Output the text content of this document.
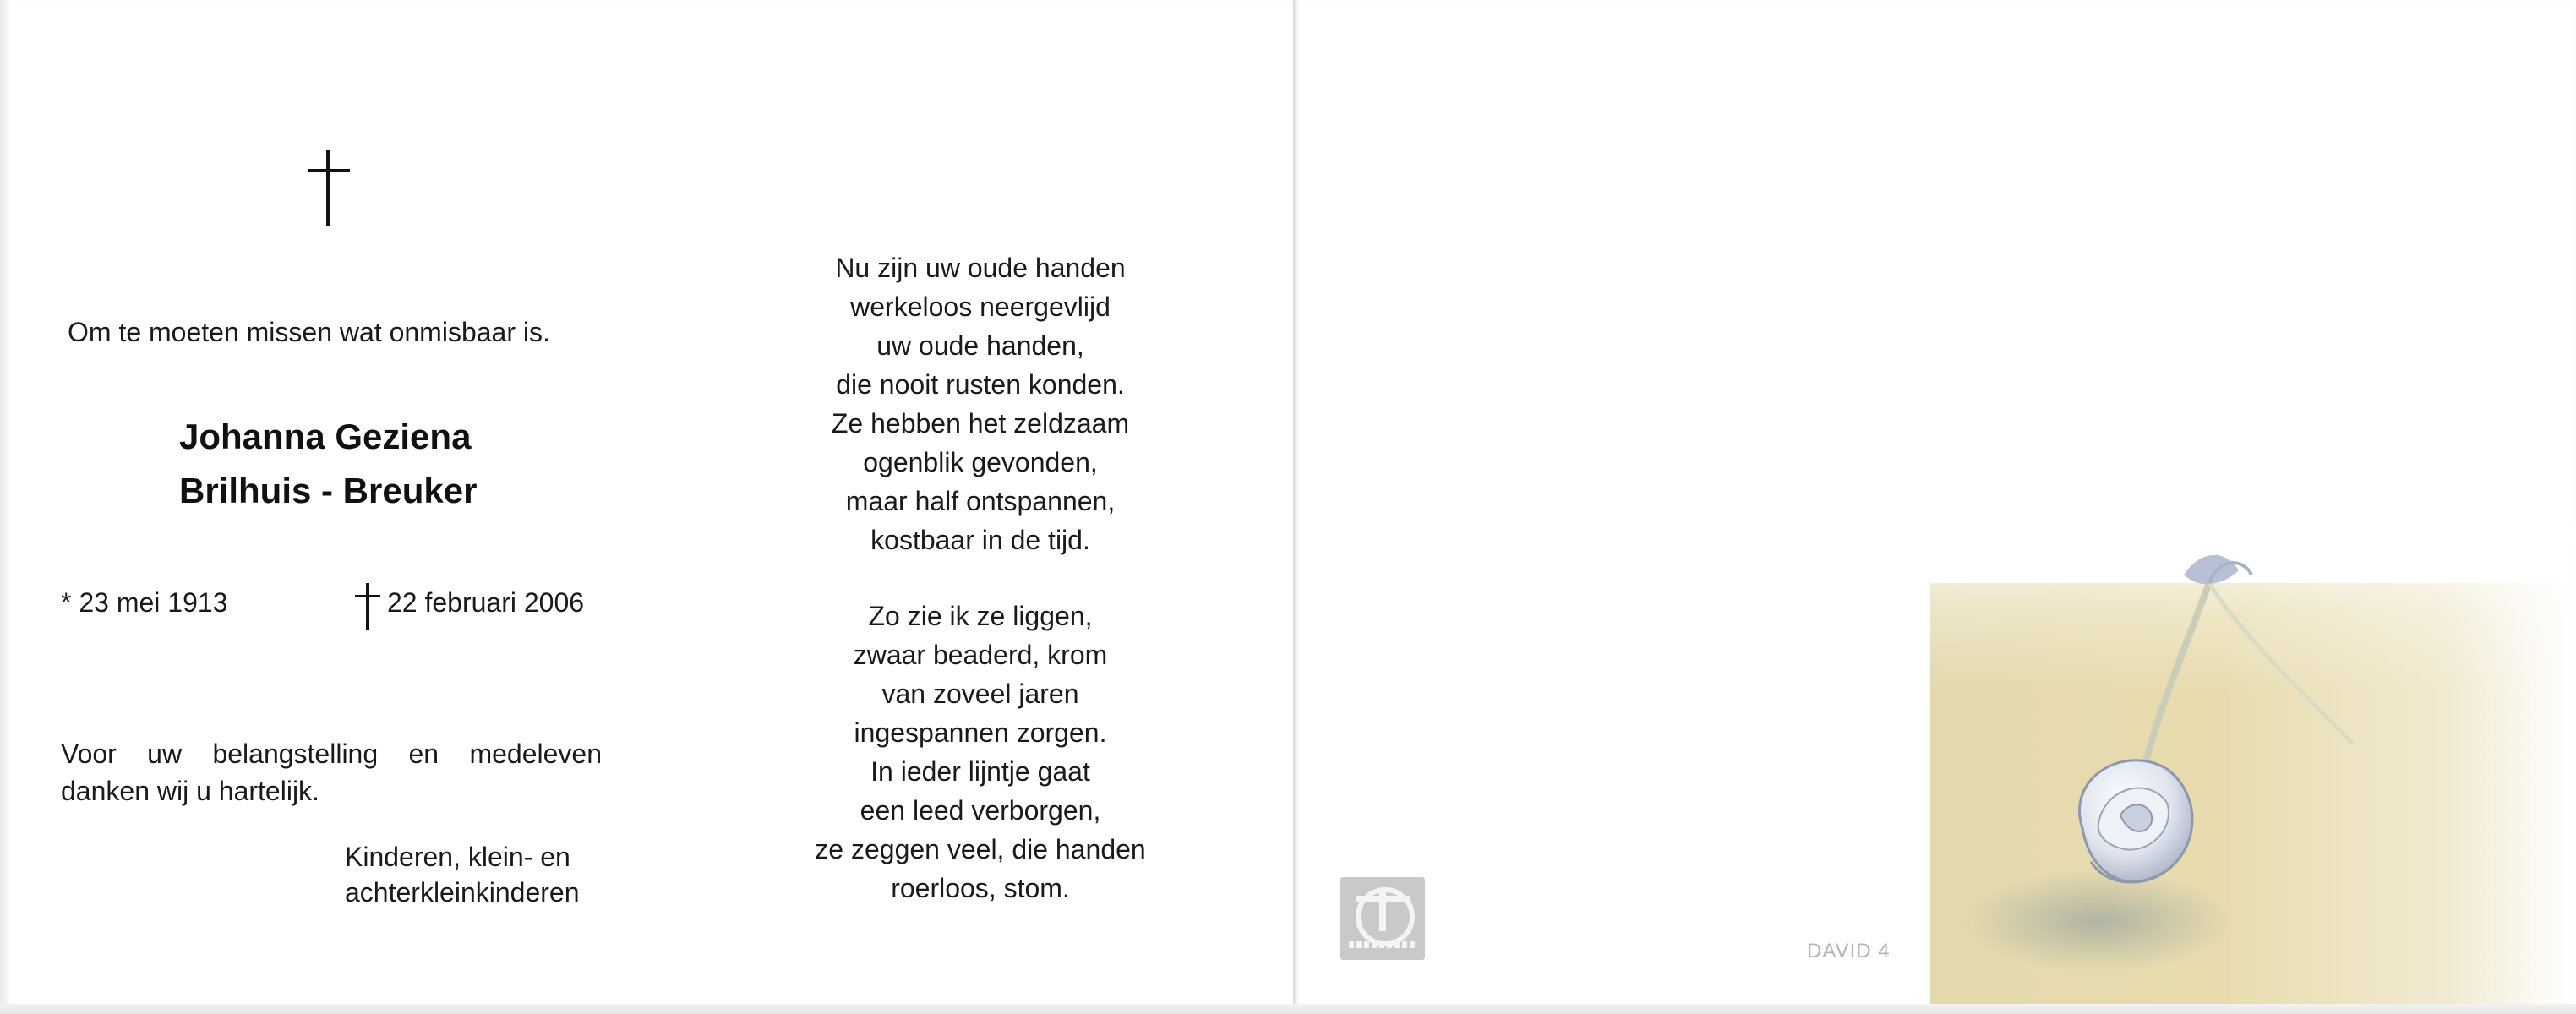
Om te moeten missen wat onmisbaar is.
Johanna Geziena
Brilhuis - Breuker
* 23 mei 1913	22 februari 2006
Voor uw belangstelling en medeleven
danken wij u hartelijk.
Kinderen, klein- en
achterkleinkinderen
Nu zijn uw oude handen
werkeloos neergevlijd
uw oude handen,
die nooit rusten konden.
Ze hebben het zeldzaam
ogenblik gevonden,
maar half ontspannen,
kostbaar in de tijd.
Zo zie ik ze liggen,
zwaar beaderd, krom
van zoveel jaren
ingespannen zorgen.
In ieder lijntje gaat
een leed verborgen,
ze zeggen veel, die handen
roerloos, stom.
DAVID 4
